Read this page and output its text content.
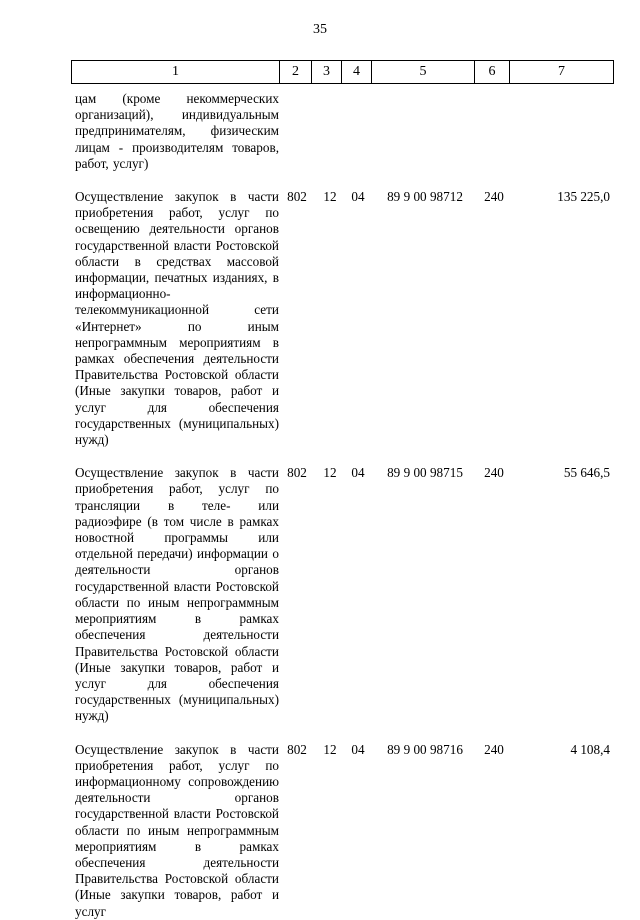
35
1	2	3	4	5	6	7
цам (кроме некоммерческих организаций), индивидуальным предпринимателям, физическим лицам - производителям товаров, работ, услуг)
Осуществление закупок в части приобретения работ, услуг по освещению деятельности органов государственной власти Ростовской области в средствах массовой информации, печатных изданиях, в информационно-телекоммуникационной сети «Интернет» по иным непрограммным мероприятиям в рамках обеспечения деятельности Правительства Ростовской области (Иные закупки товаров, работ и услуг для обеспечения государственных (муниципальных) нужд)
802	12	04	89 9 00 98712	240	135 225,0
Осуществление закупок в части приобретения работ, услуг по трансляции в теле- или радиоэфире (в том числе в рамках новостной программы или отдельной передачи) информации о деятельности органов государственной власти Ростовской области по иным непрограммным мероприятиям в рамках обеспечения деятельности Правительства Ростовской области (Иные закупки товаров, работ и услуг для обеспечения государственных (муниципальных) нужд)
802	12	04	89 9 00 98715	240	55 646,5
Осуществление закупок в части приобретения работ, услуг по информационному сопровождению деятельности органов государственной власти Ростовской области по иным непрограммным мероприятиям в рамках обеспечения деятельности Правительства Ростовской области (Иные закупки товаров, работ и услуг
802	12	04	89 9 00 98716	240	4 108,4
